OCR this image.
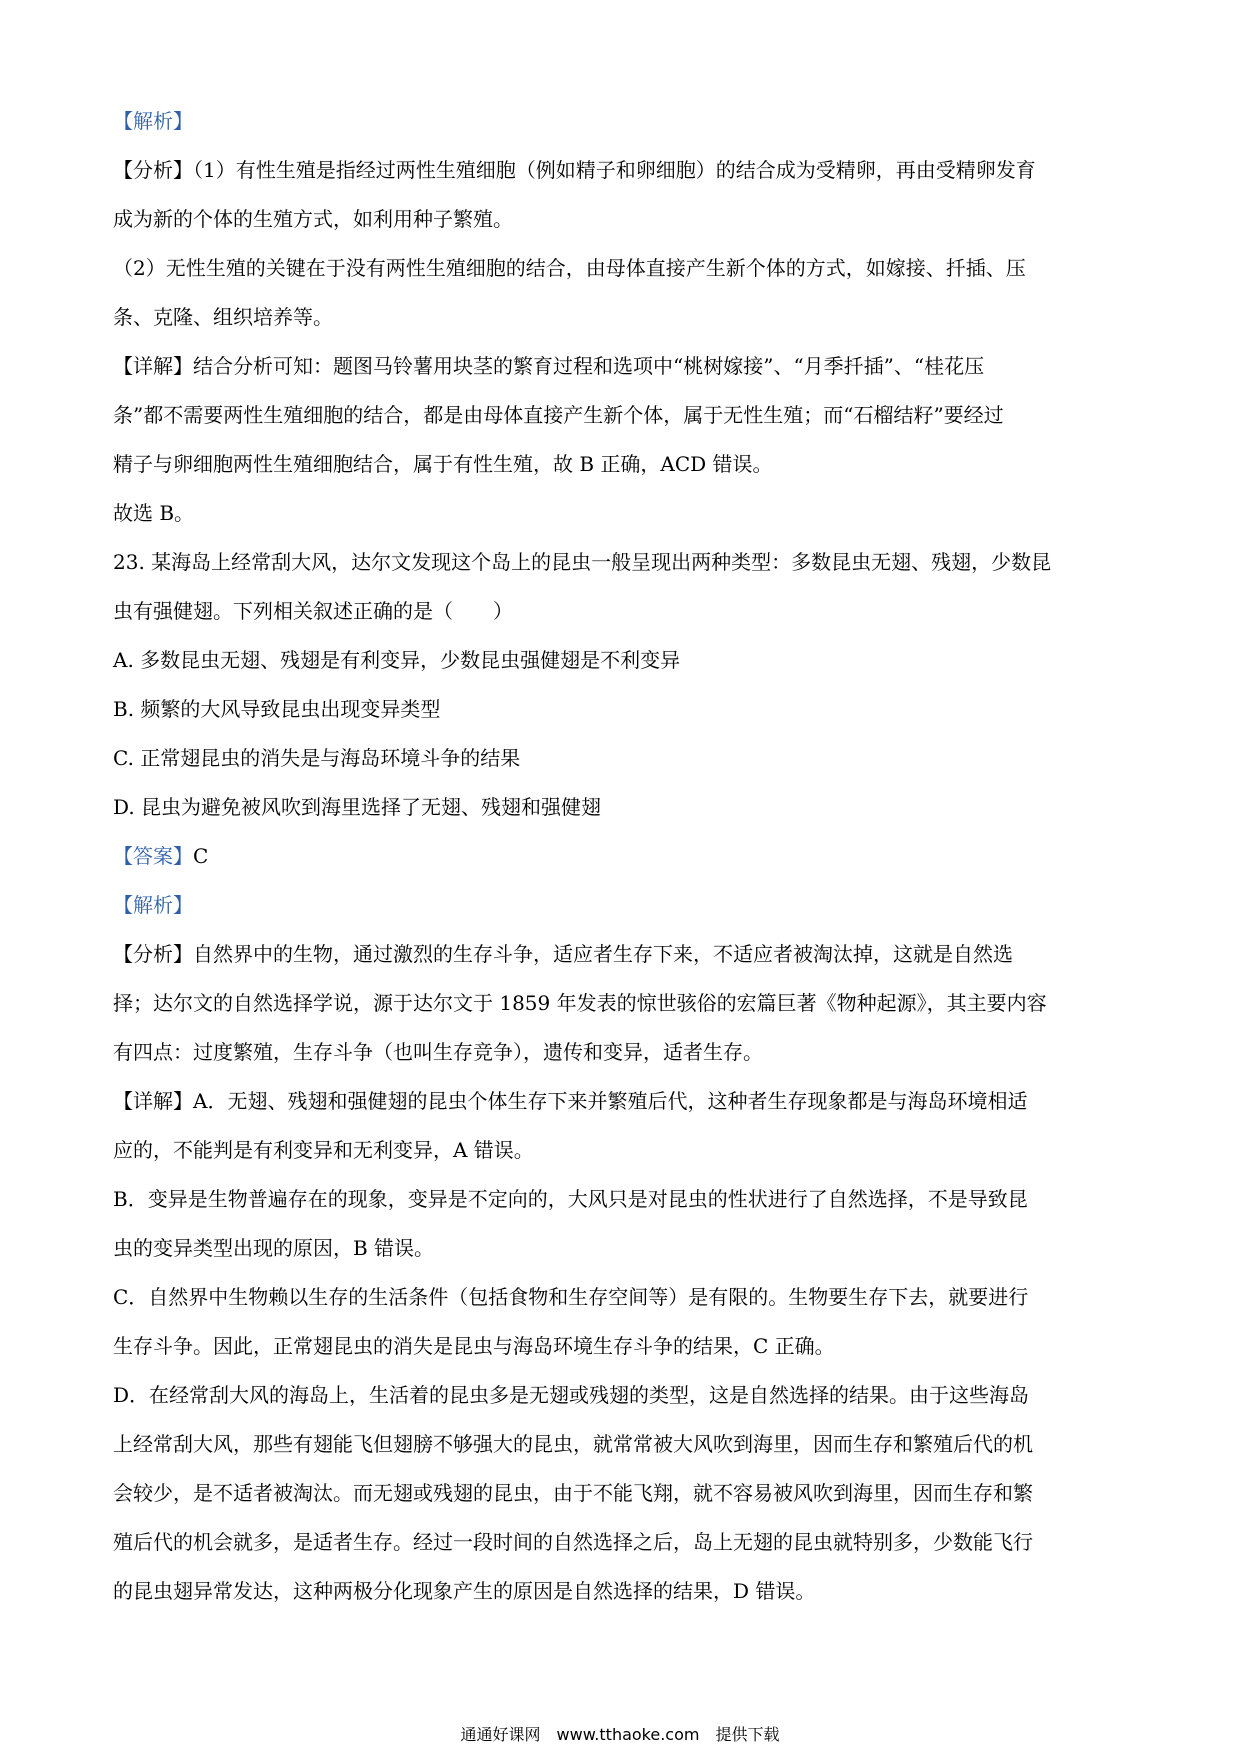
【解析】

【分析】（1）有性生殖是指经过两性生殖细胞（例如精子和卵细胞）的结合成为受精卵，再由受精卵发育

成为新的个体的生殖方式，如利用种子繁殖。

（2）无性生殖的关键在于没有两性生殖细胞的结合，由母体直接产生新个体的方式，如嫁接、扦插、压

条、克隆、组织培养等。

【详解】结合分析可知：题图马铃薯用块茎的繁育过程和选项中“桃树嫁接”、“月季扦插”、“桂花压

条”都不需要两性生殖细胞的结合，都是由母体直接产生新个体，属于无性生殖；而“石榴结籽”要经过

精子与卵细胞两性生殖细胞结合，属于有性生殖，故 B 正确，ACD 错误。

故选 B。

23. 某海岛上经常刮大风，达尔文发现这个岛上的昆虫一般呈现出两种类型：多数昆虫无翅、残翅，少数昆

虫有强健翅。下列相关叙述正确的是（　　）

A. 多数昆虫无翅、残翅是有利变异，少数昆虫强健翅是不利变异

B. 频繁的大风导致昆虫出现变异类型

C. 正常翅昆虫的消失是与海岛环境斗争的结果

D. 昆虫为避免被风吹到海里选择了无翅、残翅和强健翅

【答案】C

【解析】

【分析】自然界中的生物，通过激烈的生存斗争，适应者生存下来，不适应者被淘汰掉，这就是自然选

择；达尔文的自然选择学说，源于达尔文于 1859 年发表的惊世骇俗的宏篇巨著《物种起源》，其主要内容

有四点：过度繁殖，生存斗争（也叫生存竞争），遗传和变异，适者生存。

【详解】A．无翅、残翅和强健翅的昆虫个体生存下来并繁殖后代，这种者生存现象都是与海岛环境相适

应的，不能判是有利变异和无利变异，A 错误。

B．变异是生物普遍存在的现象，变异是不定向的，大风只是对昆虫的性状进行了自然选择，不是导致昆

虫的变异类型出现的原因，B 错误。

C．自然界中生物赖以生存的生活条件（包括食物和生存空间等）是有限的。生物要生存下去，就要进行

生存斗争。因此，正常翅昆虫的消失是昆虫与海岛环境生存斗争的结果，C 正确。

D．在经常刮大风的海岛上，生活着的昆虫多是无翅或残翅的类型，这是自然选择的结果。由于这些海岛

上经常刮大风，那些有翅能飞但翅膀不够强大的昆虫，就常常被大风吹到海里，因而生存和繁殖后代的机

会较少，是不适者被淘汰。而无翅或残翅的昆虫，由于不能飞翔，就不容易被风吹到海里，因而生存和繁

殖后代的机会就多，是适者生存。经过一段时间的自然选择之后，岛上无翅的昆虫就特别多，少数能飞行

的昆虫翅异常发达，这种两极分化现象产生的原因是自然选择的结果，D 错误。

通通好课网　www.tthaoke.com　提供下载
